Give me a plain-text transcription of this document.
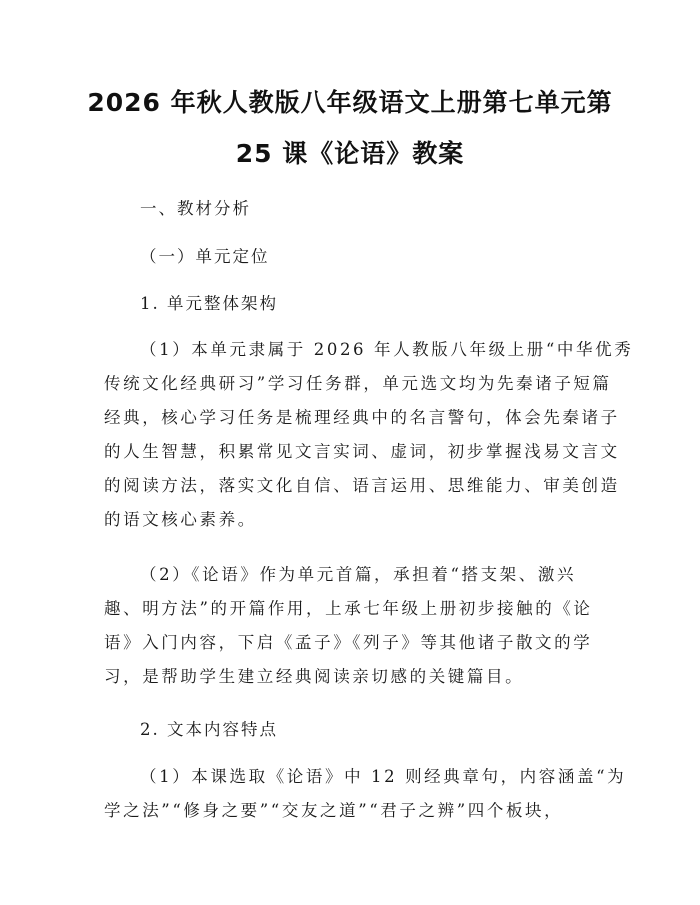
2026 年秋人教版八年级语文上册第七单元第
25 课《论语》教案
一、教材分析
（一）单元定位
1. 单元整体架构
（1）本单元隶属于 2026 年人教版八年级上册“中华优秀
传统文化经典研习”学习任务群，单元选文均为先秦诸子短篇
经典，核心学习任务是梳理经典中的名言警句，体会先秦诸子
的人生智慧，积累常见文言实词、虚词，初步掌握浅易文言文
的阅读方法，落实文化自信、语言运用、思维能力、审美创造
的语文核心素养。
（2）《论语》作为单元首篇，承担着“搭支架、激兴
趣、明方法”的开篇作用，上承七年级上册初步接触的《论
语》入门内容，下启《孟子》《列子》等其他诸子散文的学
习，是帮助学生建立经典阅读亲切感的关键篇目。
2. 文本内容特点
（1）本课选取《论语》中 12 则经典章句，内容涵盖“为
学之法”“修身之要”“交友之道”“君子之辨”四个板块，
